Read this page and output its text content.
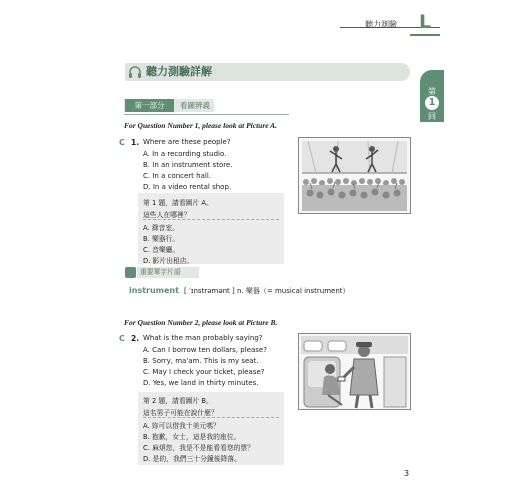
聽力測驗	L
第
1
回
聽力測驗詳解
第一部分	看圖辨義
For Question Number 1, please look at Picture A.
C 1. Where are these people?
A. In a recording studio.
B. In an instrument store.
C. In a concert hall.
D. In a video rental shop.
第 1 題，請看圖片 A。
這些人在哪裡？
A. 錄音室。
B. 樂器行。
C. 音樂廳。
D. 影片出租店。
重要單字片語
instrument [ ˈɪnstrəmənt ] n. 樂器（= musical instrument）
For Question Number 2, please look at Picture B.
C 2. What is the man probably saying?
A. Can I borrow ten dollars, please?
B. Sorry, ma'am. This is my seat.
C. May I check your ticket, please?
D. Yes, we land in thirty minutes.
第 2 題，請看圖片 B。
這名男子可能在說什麼？
A. 妳可以借我十美元嗎？
B. 抱歉，女士，這是我的座位。
C. 麻煩您，我是不是能看看您的票？
D. 是的，我們三十分鐘後降落。
3
